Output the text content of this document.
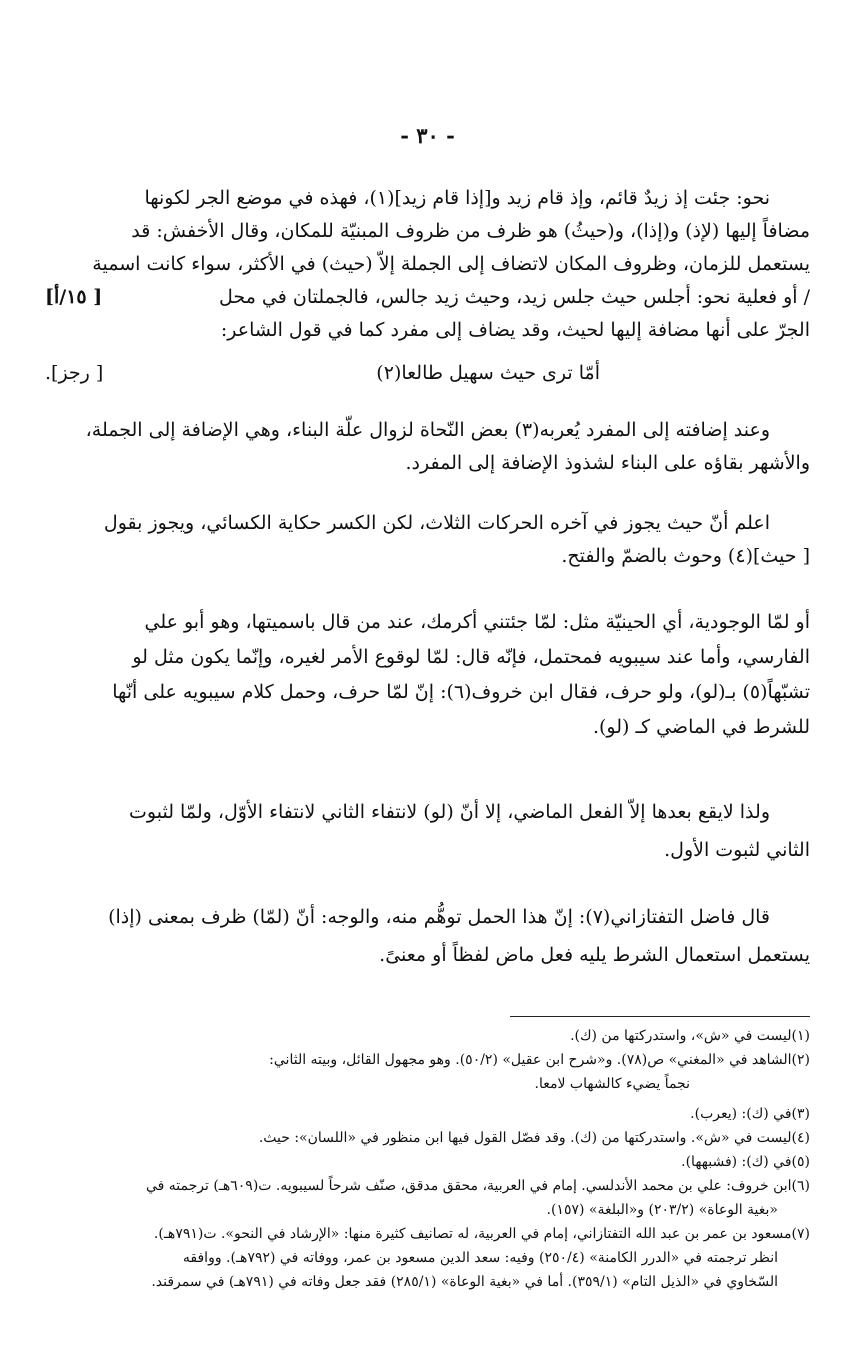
- ٣٠ -
نحو: جئت إذ زيدٌ قائم، وإذ قام زيد و[إذا قام زيد](١)، فهذه في موضع الجر لكونها
مضافاً إليها (لإذ) و(إذا)، و(حيثُ) هو ظرف من ظروف المبنيّة للمكان، وقال الأخفش: قد
يستعمل للزمان، وظروف المكان لاتضاف إلى الجملة إلاّ (حيث) في الأكثر، سواء كانت اسمية
/ أو فعلية نحو: أجلس حيث جلس زيد، وحيث زيد جالس، فالجملتان في محل
[ ١٥/أ]
الجرّ على أنها مضافة إليها لحيث، وقد يضاف إلى مفرد كما في قول الشاعر:
أمّا ترى حيث سهيل طالعا(٢)
[ رجز].
وعند إضافته إلى المفرد يُعربه(٣) بعض النّحاة لزوال علّة البناء، وهي الإضافة إلى الجملة،
والأشهر بقاؤه على البناء لشذوذ الإضافة إلى المفرد.
اعلم أنّ حيث يجوز في آخره الحركات الثلاث، لكن الكسر حكاية الكسائي، ويجوز بقول
[ حيث](٤) وحوث بالضمّ والفتح.
أو لمّا الوجودية، أي الحينيّة مثل: لمّا جئتني أكرمك، عند من قال باسميتها، وهو أبو علي
الفارسي، وأما عند سيبويه فمحتمل، فإنّه قال: لمّا لوقوع الأمر لغيره، وإنّما يكون مثل لو
تشبّهاً(٥) بـ(لو)، ولو حرف، فقال ابن خروف(٦): إنّ لمّا حرف، وحمل كلام سيبويه على أنّها
للشرط في الماضي كـ (لو).
ولذا لايقع بعدها إلاّ الفعل الماضي، إلا أنّ (لو) لانتفاء الثاني لانتفاء الأوّل، ولمّا لثبوت
الثاني لثبوت الأول.
قال فاضل التفتازاني(٧): إنّ هذا الحمل توهُّم منه، والوجه: أنّ (لمّا) ظرف بمعنى (إذا)
يستعمل استعمال الشرط يليه فعل ماض لفظاً أو معنىً.
(١)ليست في «ش»، واستدركتها من (ك).
(٢)الشاهد في «المغني» ص(٧٨). و«شرح ابن عقيل» (٥٠/٢). وهو مجهول القائل، وبيته الثاني:
نجماً يضيء كالشهاب لامعا.
(٣)في (ك): (يعرب).
(٤)ليست في «ش». واستدركتها من (ك). وقد فصّل القول فيها ابن منظور في «اللسان»: حيث.
(٥)في (ك): (فشبهها).
(٦)ابن خروف: علي بن محمد الأندلسي. إمام في العربية، محقق مدقق، صنّف شرحاً لسيبويه. ت(٦٠٩هـ) ترجمته في
«بغية الوعاة» (٢٠٣/٢) و«البلغة» (١٥٧).
(٧)مسعود بن عمر بن عبد الله التفتازاني، إمام في العربية، له تصانيف كثيرة منها: «الإرشاد في النحو». ت(٧٩١هـ).
انظر ترجمته في «الدرر الكامنة» (٢٥٠/٤) وفيه: سعد الدين مسعود بن عمر، ووفاته في (٧٩٢هـ). ووافقه
السّخاوي في «الذيل التام» (٣٥٩/١). أما في «بغية الوعاة» (٢٨٥/١) فقد جعل وفاته في (٧٩١هـ) في سمرقند.
